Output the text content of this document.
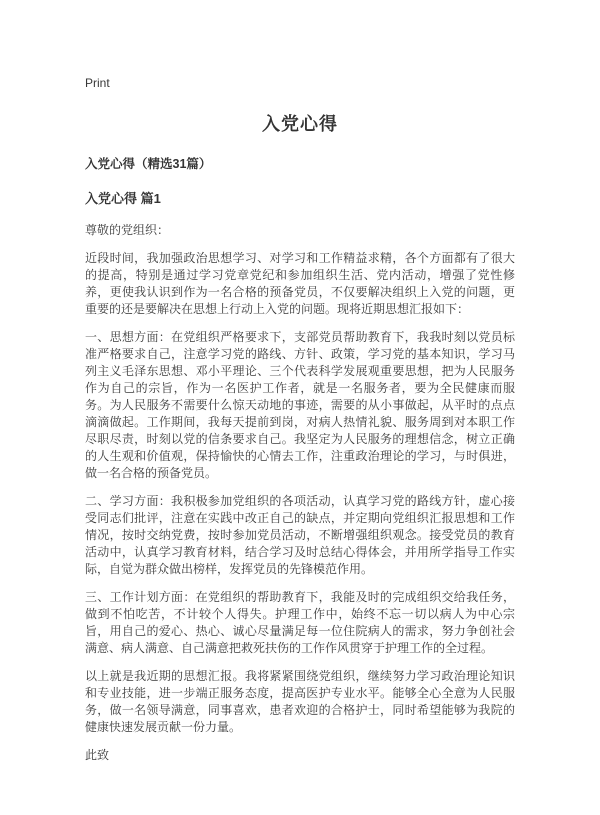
Print
入党心得
入党心得（精选31篇）
入党心得 篇1

尊敬的党组织：

近段时间，我加强政治思想学习、对学习和工作精益求精，各个方面都有了很大的提高，特别是通过学习党章党纪和参加组织生活、党内活动，增强了党性修养，更使我认识到作为一名合格的预备党员，不仅要解决组织上入党的问题，更重要的还是要解决在思想上行动上入党的问题。现将近期思想汇报如下：

一、思想方面：在党组织严格要求下，支部党员帮助教育下，我我时刻以党员标准严格要求自己，注意学习党的路线、方针、政策，学习党的基本知识，学习马列主义毛泽东思想、邓小平理论、三个代表科学发展观重要思想，把为人民服务作为自己的宗旨，作为一名医护工作者，就是一名服务者，要为全民健康而服务。为人民服务不需要什么惊天动地的事迹，需要的从小事做起，从平时的点点滴滴做起。工作期间，我每天提前到岗，对病人热情礼貌、服务周到对本职工作尽职尽责，时刻以党的信条要求自己。我坚定为人民服务的理想信念，树立正确的人生观和价值观，保持愉快的心情去工作，注重政治理论的学习，与时俱进，做一名合格的预备党员。

二、学习方面：我积极参加党组织的各项活动，认真学习党的路线方针，虚心接受同志们批评，注意在实践中改正自己的缺点，并定期向党组织汇报思想和工作情况，按时交纳党费，按时参加党员活动，不断增强组织观念。接受党员的教育活动中，认真学习教育材料，结合学习及时总结心得体会，并用所学指导工作实际，自觉为群众做出榜样，发挥党员的先锋模范作用。

三、工作计划方面：在党组织的帮助教育下，我能及时的完成组织交给我任务，做到不怕吃苦，不计较个人得失。护理工作中，始终不忘一切以病人为中心宗旨，用自己的爱心、热心、诚心尽量满足每一位住院病人的需求，努力争创社会满意、病人满意、自己满意把救死扶伤的工作作风贯穿于护理工作的全过程。

以上就是我近期的思想汇报。我将紧紧围绕党组织，继续努力学习政治理论知识和专业技能，进一步端正服务态度，提高医护专业水平。能够全心全意为人民服务，做一名领导满意，同事喜欢，患者欢迎的合格护士，同时希望能够为我院的健康快速发展贡献一份力量。

此致
